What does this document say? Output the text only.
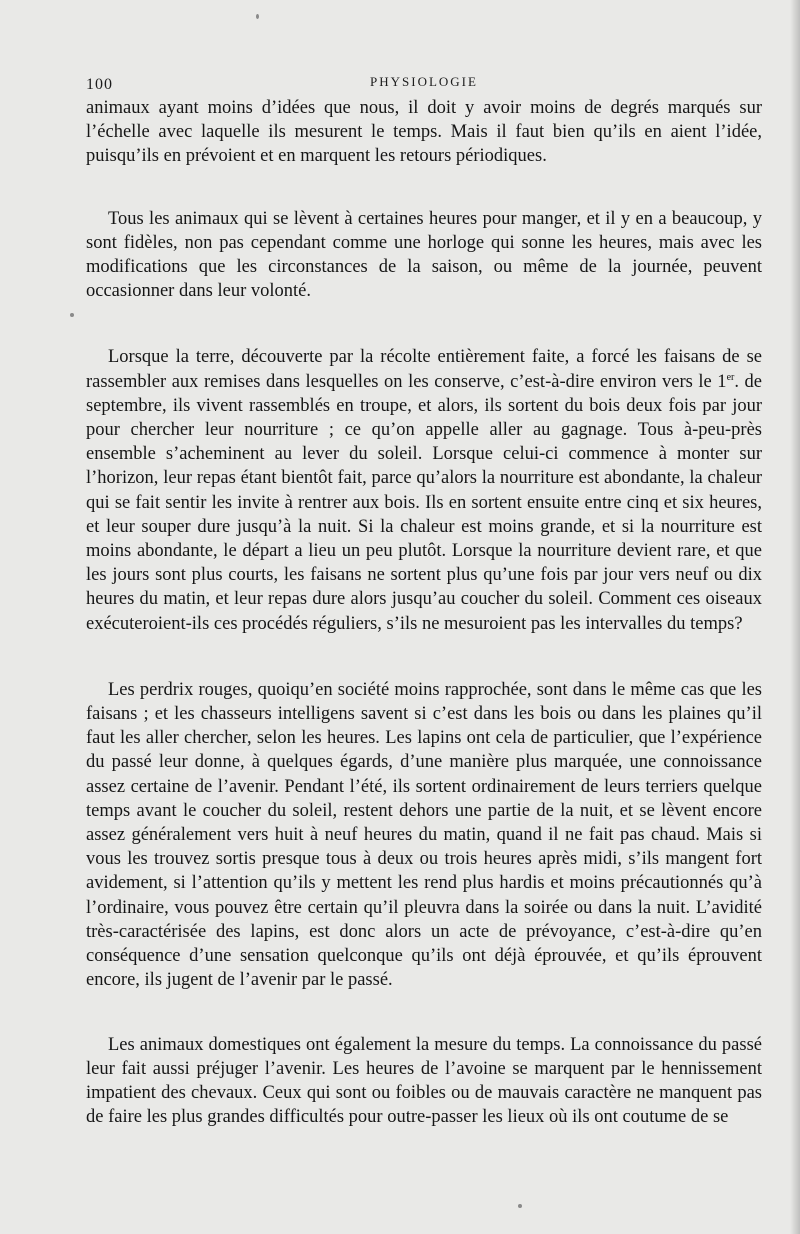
100	PHYSIOLOGIE

animaux ayant moins d’idées que nous, il doit y avoir moins de degrés marqués sur l’échelle avec laquelle ils mesurent le temps. Mais il faut bien qu’ils en aient l’idée, puisqu’ils en prévoient et en marquent les retours périodiques.

Tous les animaux qui se lèvent à certaines heures pour manger, et il y en a beaucoup, y sont fidèles, non pas cependant comme une horloge qui sonne les heures, mais avec les modifications que les circonstances de la saison, ou même de la journée, peuvent occasionner dans leur volonté.

Lorsque la terre, découverte par la récolte entièrement faite, a forcé les faisans de se rassembler aux remises dans lesquelles on les conserve, c’est-à-dire environ vers le 1er. de septembre, ils vivent rassemblés en troupe, et alors, ils sortent du bois deux fois par jour pour chercher leur nourriture ; ce qu’on appelle aller au gagnage. Tous à-peu-près ensemble s’acheminent au lever du soleil. Lorsque celui-ci commence à monter sur l’horizon, leur repas étant bientôt fait, parce qu’alors la nourriture est abondante, la chaleur qui se fait sentir les invite à rentrer aux bois. Ils en sortent ensuite entre cinq et six heures, et leur souper dure jusqu’à la nuit. Si la chaleur est moins grande, et si la nourriture est moins abondante, le départ a lieu un peu plutôt. Lorsque la nourriture devient rare, et que les jours sont plus courts, les faisans ne sortent plus qu’une fois par jour vers neuf ou dix heures du matin, et leur repas dure alors jusqu’au coucher du soleil. Comment ces oiseaux exécuteroient-ils ces procédés réguliers, s’ils ne mesuroient pas les intervalles du temps?

Les perdrix rouges, quoiqu’en société moins rapprochée, sont dans le même cas que les faisans ; et les chasseurs intelligens savent si c’est dans les bois ou dans les plaines qu’il faut les aller chercher, selon les heures. Les lapins ont cela de particulier, que l’expérience du passé leur donne, à quelques égards, d’une manière plus marquée, une connoissance assez certaine de l’avenir. Pendant l’été, ils sortent ordinairement de leurs terriers quelque temps avant le coucher du soleil, restent dehors une partie de la nuit, et se lèvent encore assez généralement vers huit à neuf heures du matin, quand il ne fait pas chaud. Mais si vous les trouvez sortis presque tous à deux ou trois heures après midi, s’ils mangent fort avidement, si l’attention qu’ils y mettent les rend plus hardis et moins précautionnés qu’à l’ordinaire, vous pouvez être certain qu’il pleuvra dans la soirée ou dans la nuit. L’avidité très-caractérisée des lapins, est donc alors un acte de prévoyance, c’est-à-dire qu’en conséquence d’une sensation quelconque qu’ils ont déjà éprouvée, et qu’ils éprouvent encore, ils jugent de l’avenir par le passé.

Les animaux domestiques ont également la mesure du temps. La connoissance du passé leur fait aussi préjuger l’avenir. Les heures de l’avoine se marquent par le hennissement impatient des chevaux. Ceux qui sont ou foibles ou de mauvais caractère ne manquent pas de faire les plus grandes difficultés pour outre-passer les lieux où ils ont coutume de se
